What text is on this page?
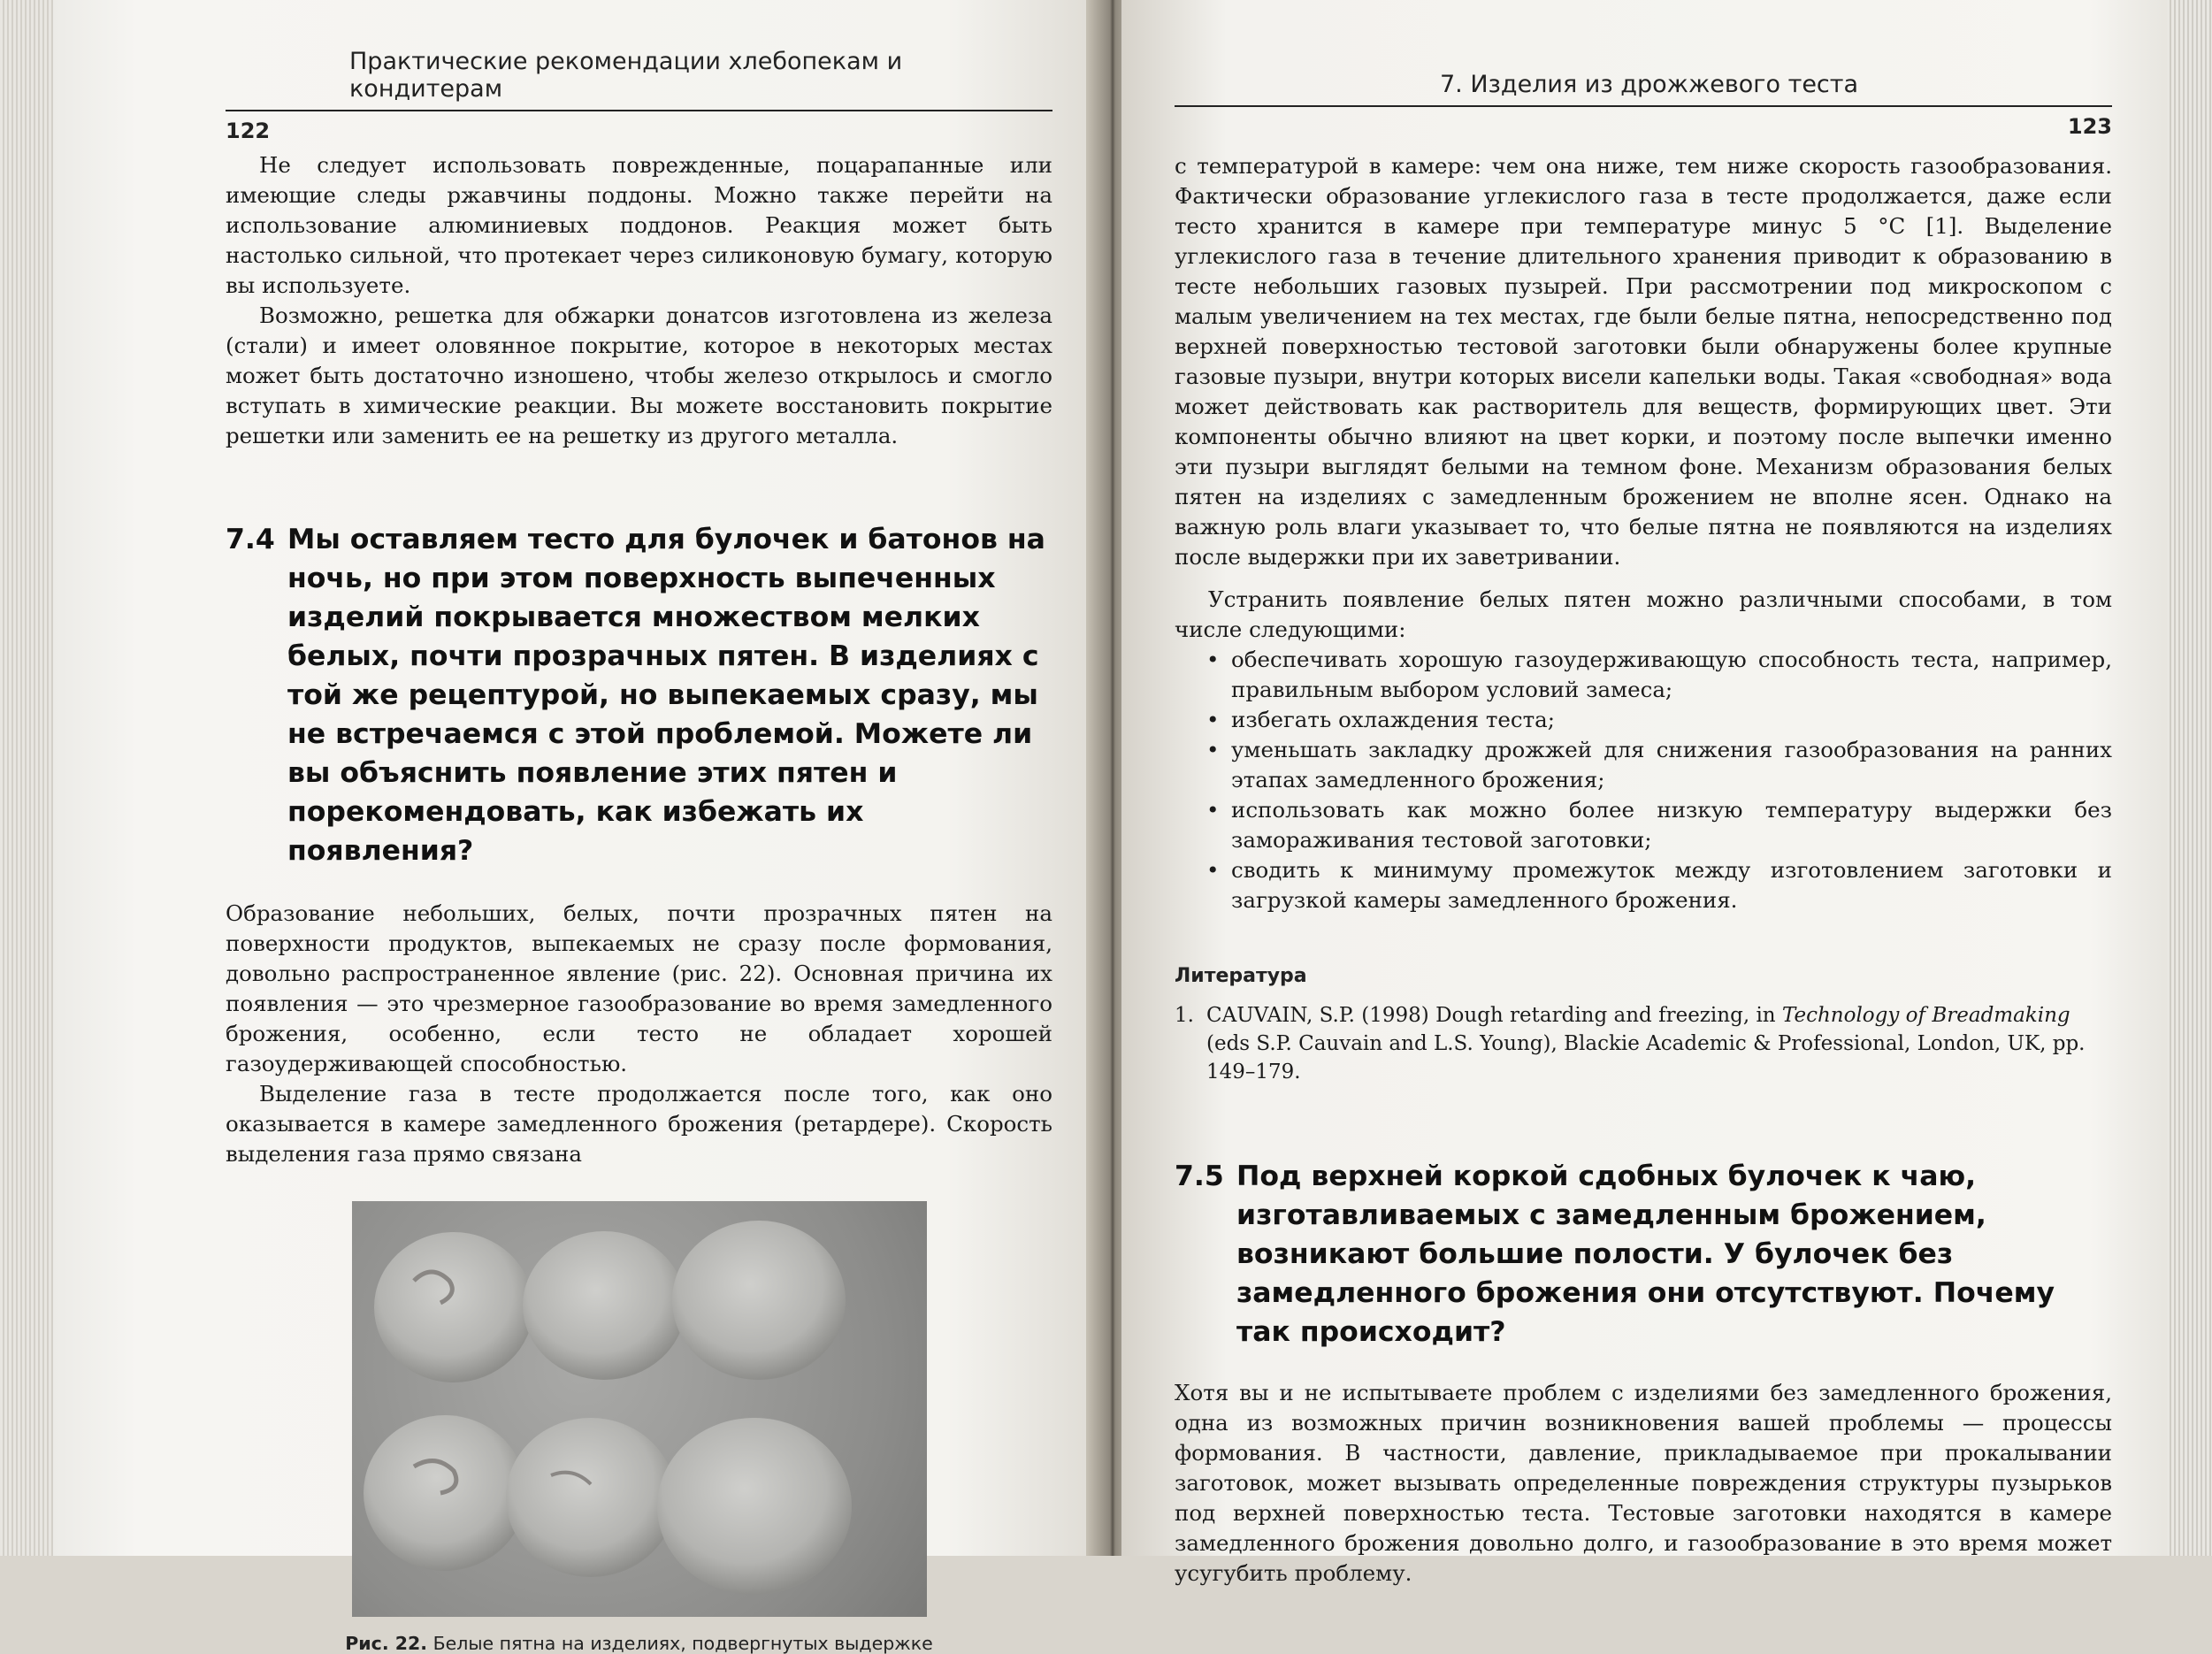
122
Практические рекомендации хлебопекам и кондитерам

Не следует использовать поврежденные, поцарапанные или имеющие следы ржавчины поддоны. Можно также перейти на использование алюминиевых поддонов. Реакция может быть настолько сильной, что протекает через силиконовую бумагу, которую вы используете.

Возможно, решетка для обжарки донатсов изготовлена из железа (стали) и имеет оловянное покрытие, которое в некоторых местах может быть достаточно изношено, чтобы железо открылось и смогло вступать в химические реакции. Вы можете восстановить покрытие решетки или заменить ее на решетку из другого металла.

7.4 Мы оставляем тесто для булочек и батонов на ночь, но при этом поверхность выпеченных изделий покрывается множеством мелких белых, почти прозрачных пятен. В изделиях с той же рецептурой, но выпекаемых сразу, мы не встречаемся с этой проблемой. Можете ли вы объяснить появление этих пятен и порекомендовать, как избежать их появления?

Образование небольших, белых, почти прозрачных пятен на поверхности продуктов, выпекаемых не сразу после формования, довольно распространенное явление (рис. 22). Основная причина их появления — это чрезмерное газообразование во время замедленного брожения, особенно, если тесто не обладает хорошей газоудерживающей способностью.

Выделение газа в тесте продолжается после того, как оно оказывается в камере замедленного брожения (ретардере). Скорость выделения газа прямо связана

Рис. 22. Белые пятна на изделиях, подвергнутых выдержке
7. Изделия из дрожжевого теста
123

с температурой в камере: чем она ниже, тем ниже скорость газообразования. Фактически образование углекислого газа в тесте продолжается, даже если тесто хранится в камере при температуре минус 5 °C [1]. Выделение углекислого газа в течение длительного хранения приводит к образованию в тесте небольших газовых пузырей. При рассмотрении под микроскопом с малым увеличением на тех местах, где были белые пятна, непосредственно под верхней поверхностью тестовой заготовки были обнаружены более крупные газовые пузыри, внутри которых висели капельки воды. Такая «свободная» вода может действовать как растворитель для веществ, формирующих цвет. Эти компоненты обычно влияют на цвет корки, и поэтому после выпечки именно эти пузыри выглядят белыми на темном фоне. Механизм образования белых пятен на изделиях с замедленным брожением не вполне ясен. Однако на важную роль влаги указывает то, что белые пятна не появляются на изделиях после выдержки при их заветривании.

Устранить появление белых пятен можно различными способами, в том числе следующими:

• обеспечивать хорошую газоудерживающую способность теста, например, правильным выбором условий замеса;
• избегать охлаждения теста;
• уменьшать закладку дрожжей для снижения газообразования на ранних этапах замедленного брожения;
• использовать как можно более низкую температуру выдержки без замораживания тестовой заготовки;
• сводить к минимуму промежуток между изготовлением заготовки и загрузкой камеры замедленного брожения.

Литература

1. CAUVAIN, S.P. (1998) Dough retarding and freezing, in Technology of Breadmaking (eds S.P. Cauvain and L.S. Young), Blackie Academic & Professional, London, UK, pp. 149–179.
7.5 Под верхней коркой сдобных булочек к чаю, изготавливаемых с замедленным брожением, возникают большие полости. У булочек без замедленного брожения они отсутствуют. Почему так происходит?

Хотя вы и не испытываете проблем с изделиями без замедленного брожения, одна из возможных причин возникновения вашей проблемы — процессы формования. В частности, давление, прикладываемое при прокалывании заготовок, может вызывать определенные повреждения структуры пузырьков под верхней поверхностью теста. Тестовые заготовки находятся в камере замедленного брожения довольно долго, и газообразование в это время может усугубить проблему.
